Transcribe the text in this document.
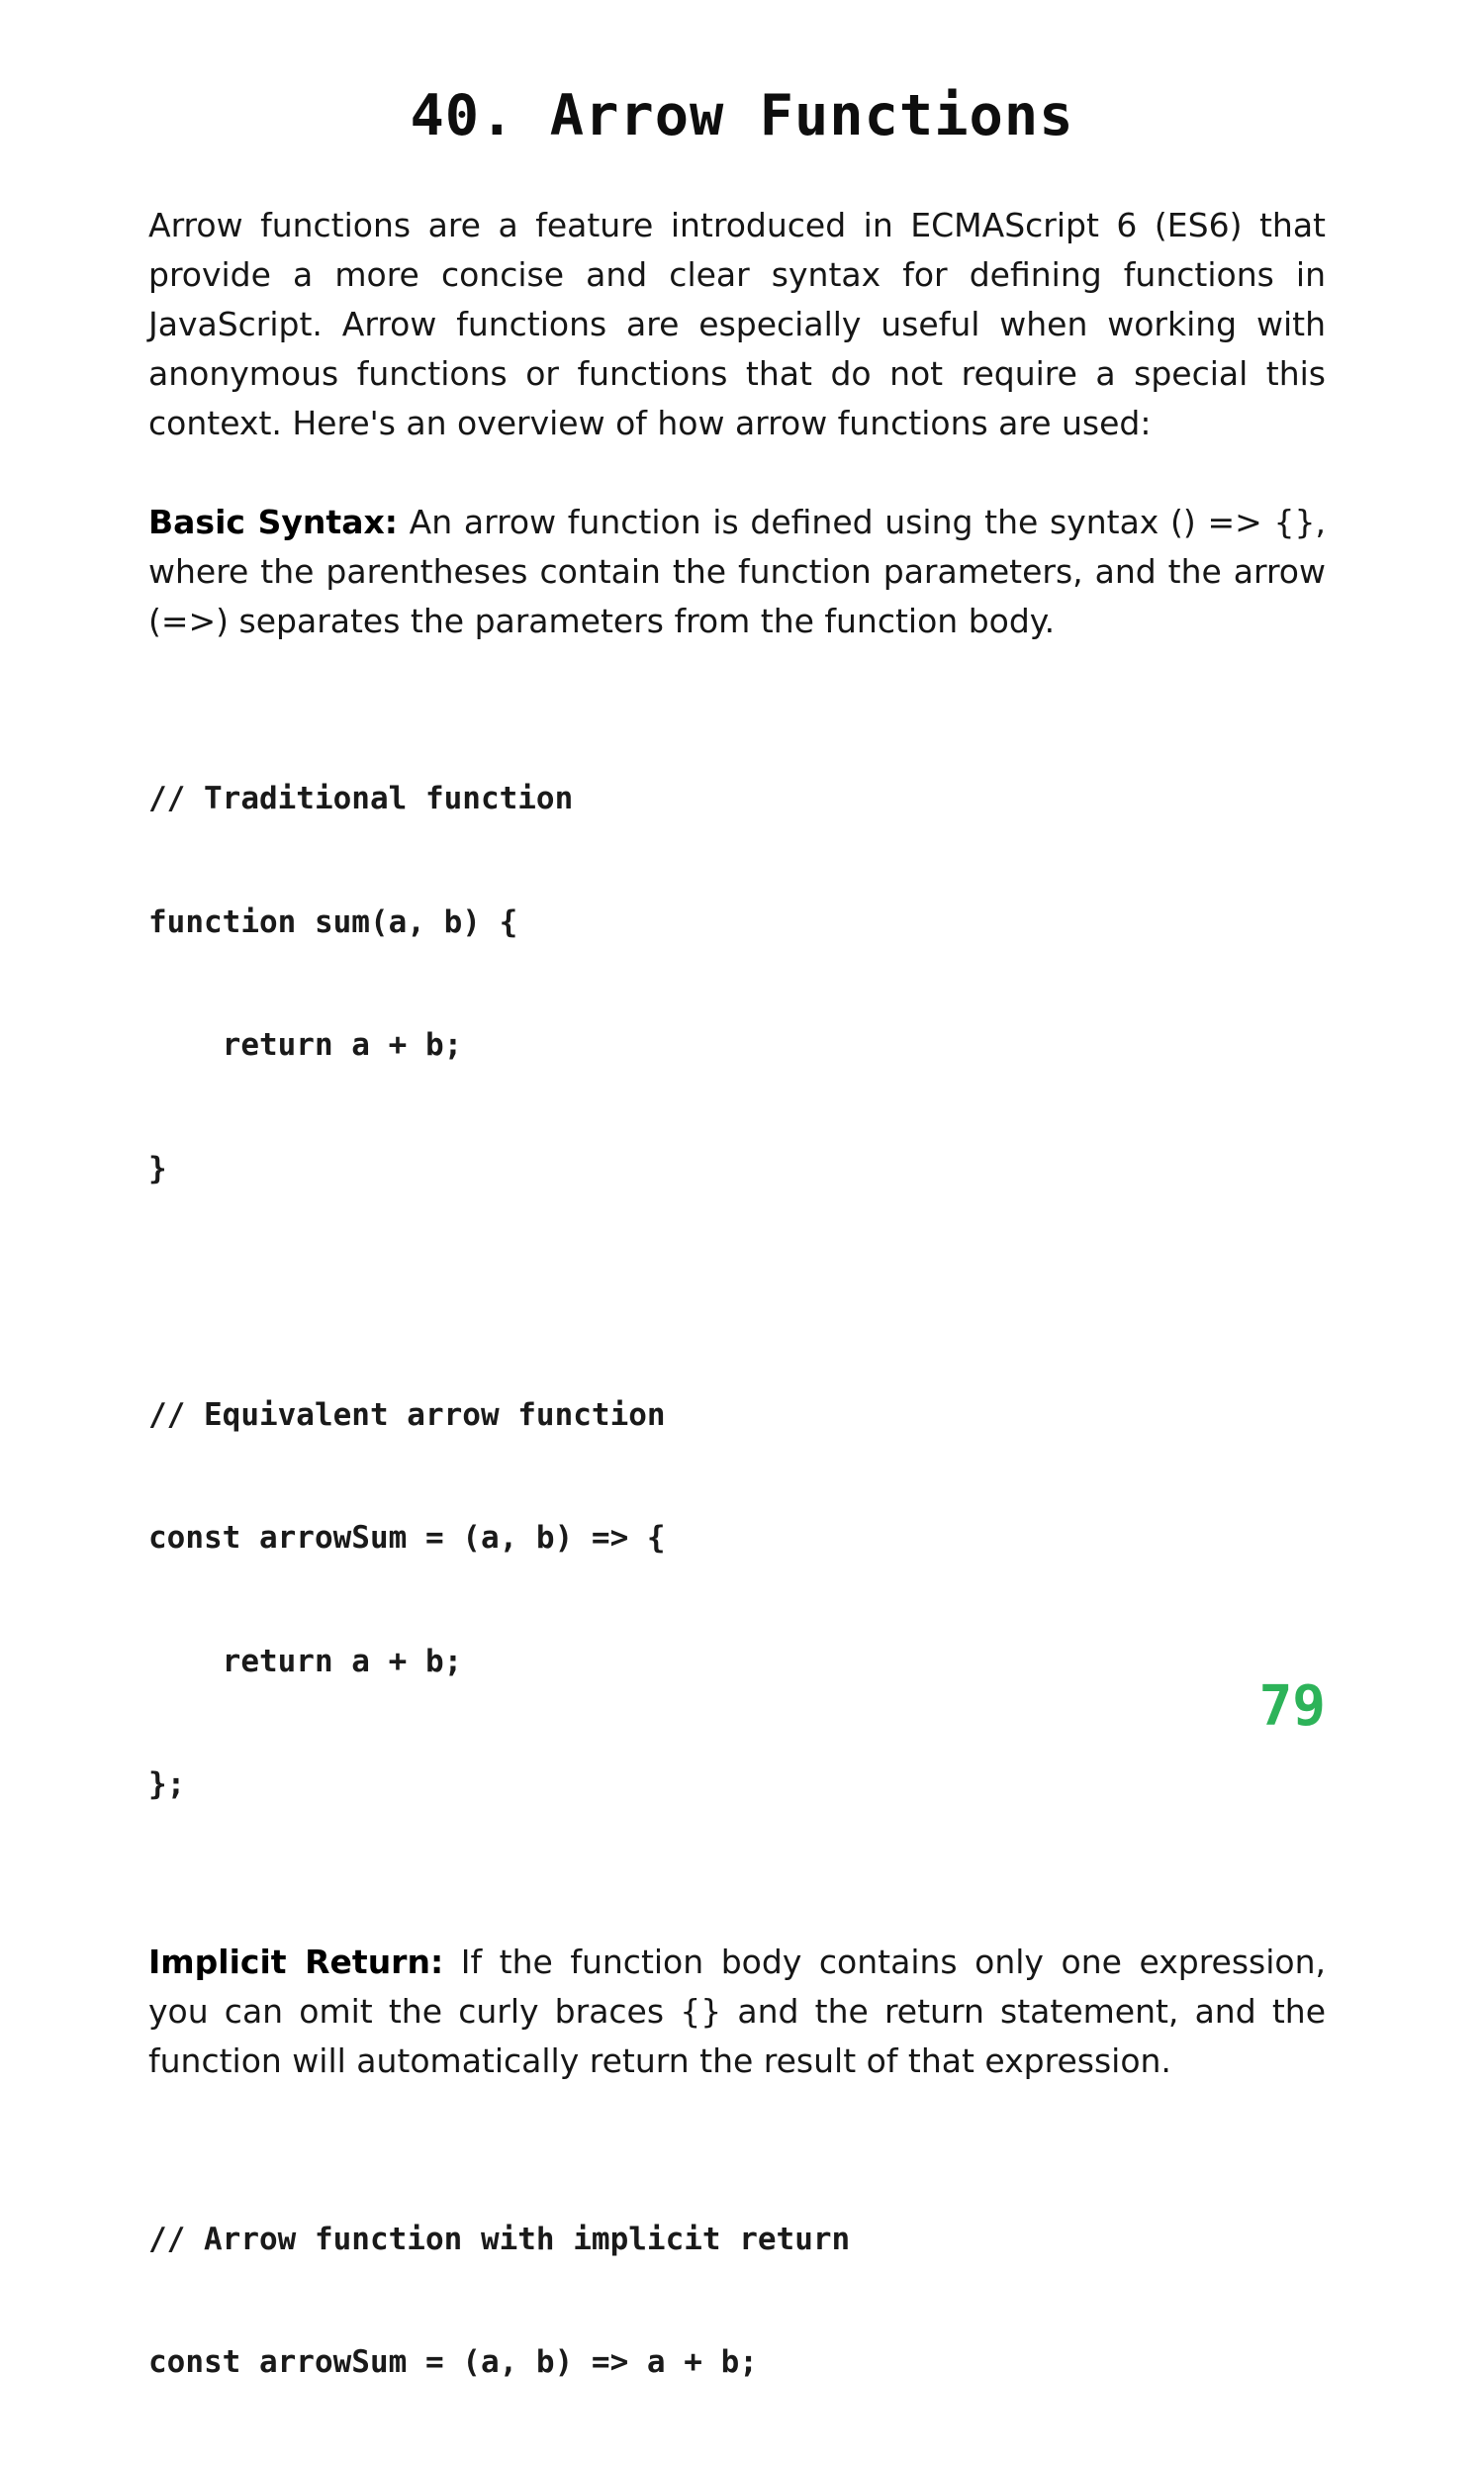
40. Arrow Functions

Arrow functions are a feature introduced in ECMAScript 6 (ES6) that provide a more concise and clear syntax for defining functions in JavaScript. Arrow functions are especially useful when working with anonymous functions or functions that do not require a special this context. Here's an overview of how arrow functions are used:

Basic Syntax: An arrow function is defined using the syntax () => {}, where the parentheses contain the function parameters, and the arrow (=>) separates the parameters from the function body.

// Traditional function

function sum(a, b) {

return a + b;

}

// Equivalent arrow function

const arrowSum = (a, b) => {

return a + b;

};

Implicit Return: If the function body contains only one expression, you can omit the curly braces {} and the return statement, and the function will automatically return the result of that expression.

// Arrow function with implicit return

const arrowSum = (a, b) => a + b;

79
